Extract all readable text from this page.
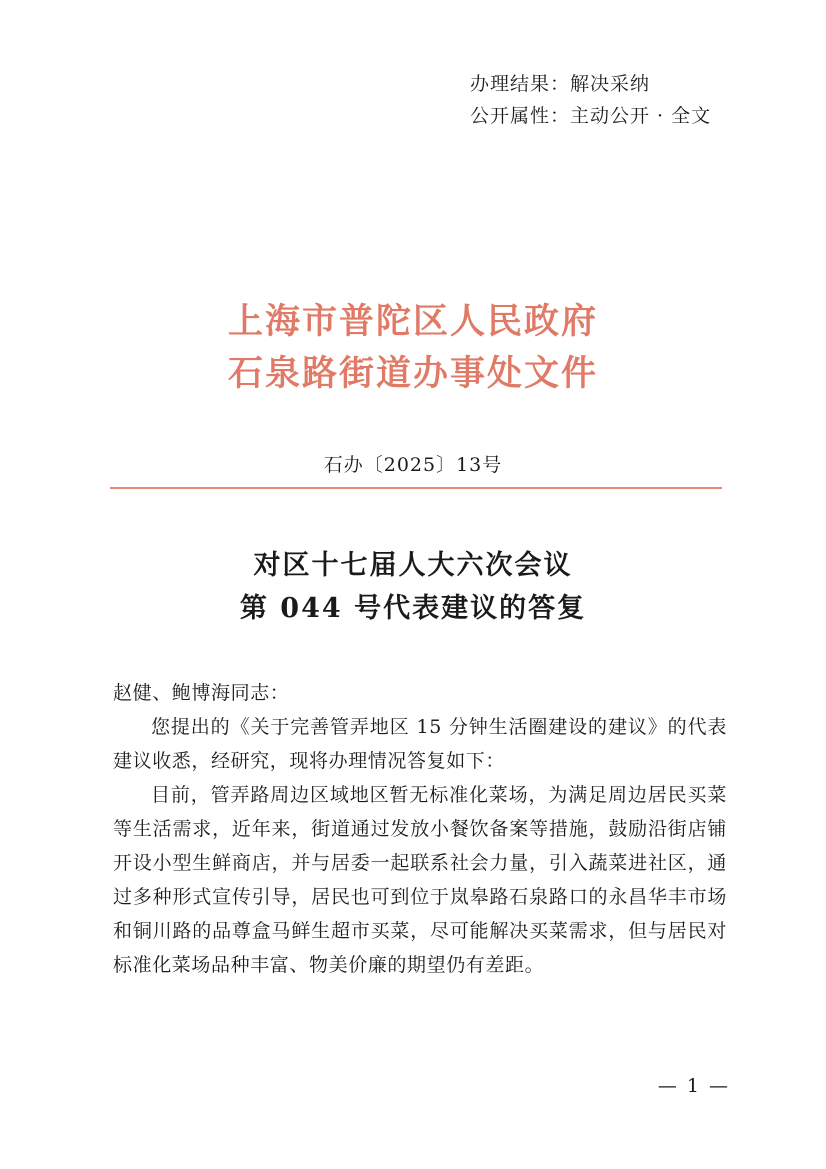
办理结果：解决采纳
公开属性：主动公开 · 全文
上海市普陀区人民政府
石泉路街道办事处文件
石办〔2025〕13号
对区十七届人大六次会议
第 044 号代表建议的答复

赵健、鲍博海同志：

您提出的《关于完善管弄地区 15 分钟生活圈建设的建议》的代表建议收悉，经研究，现将办理情况答复如下：

目前，管弄路周边区域地区暂无标准化菜场，为满足周边居民买菜等生活需求，近年来，街道通过发放小餐饮备案等措施，鼓励沿街店铺开设小型生鲜商店，并与居委一起联系社会力量，引入蔬菜进社区，通过多种形式宣传引导，居民也可到位于岚皋路石泉路口的永昌华丰市场和铜川路的品尊盒马鲜生超市买菜，尽可能解决买菜需求，但与居民对标准化菜场品种丰富、物美价廉的期望仍有差距。

— 1 —
